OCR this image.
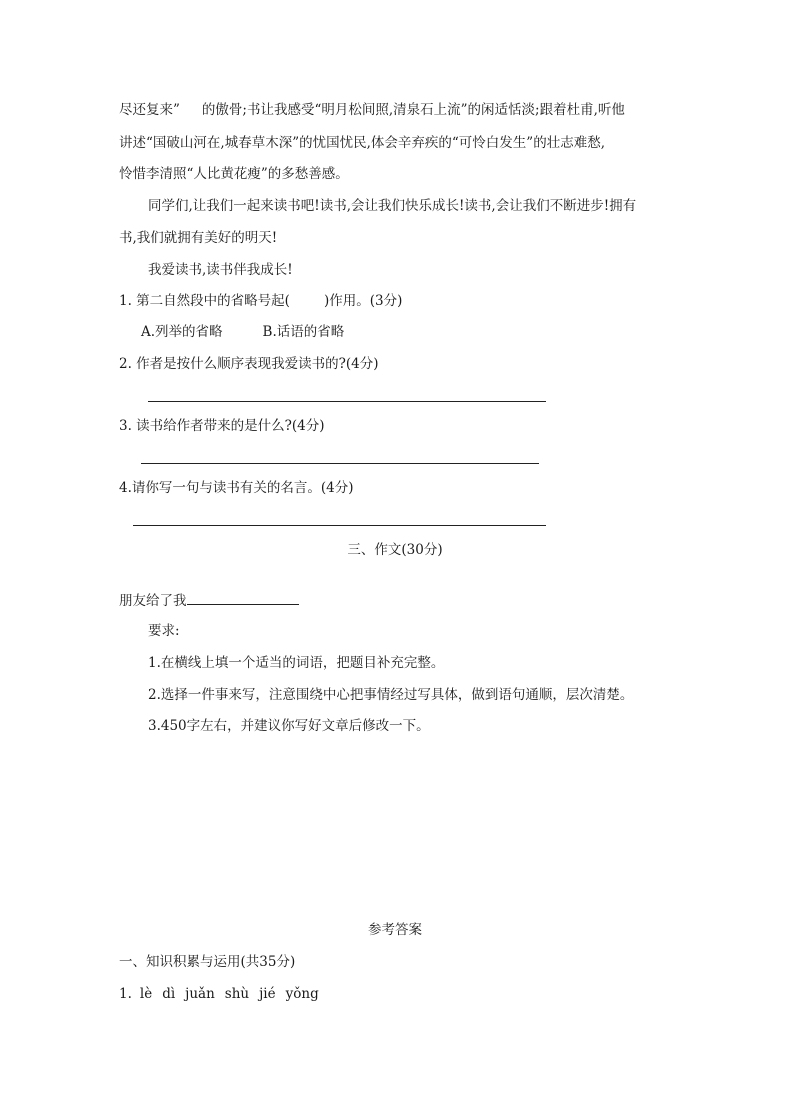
尽还复来” 的傲骨;书让我感受“明月松间照,清泉石上流”的闲适恬淡;跟着杜甫,听他
讲述“国破山河在,城春草木深”的忧国忧民,体会辛弃疾的“可怜白发生”的壮志难愁,
怜惜李清照“人比黄花瘦”的多愁善感。
同学们,让我们一起来读书吧!读书,会让我们快乐成长!读书,会让我们不断进步!拥有
书,我们就拥有美好的明天!
我爱读书,读书伴我成长!
1. 第二自然段中的省略号起(	)作用。(3分)
A.列举的省略	B.话语的省略
2. 作者是按什么顺序表现我爱读书的?(4分)
3. 读书给作者带来的是什么?(4分)
4.请你写一句与读书有关的名言。(4分)
三、作文(30分)
朋友给了我
要求:
1.在横线上填一个适当的词语，把题目补充完整。
2.选择一件事来写，注意围绕中心把事情经过写具体，做到语句通顺，层次清楚。
3.450字左右，并建议你写好文章后修改一下。
参考答案
一、知识积累与运用(共35分)
1. lè dì juǎn shù jié yǒng
